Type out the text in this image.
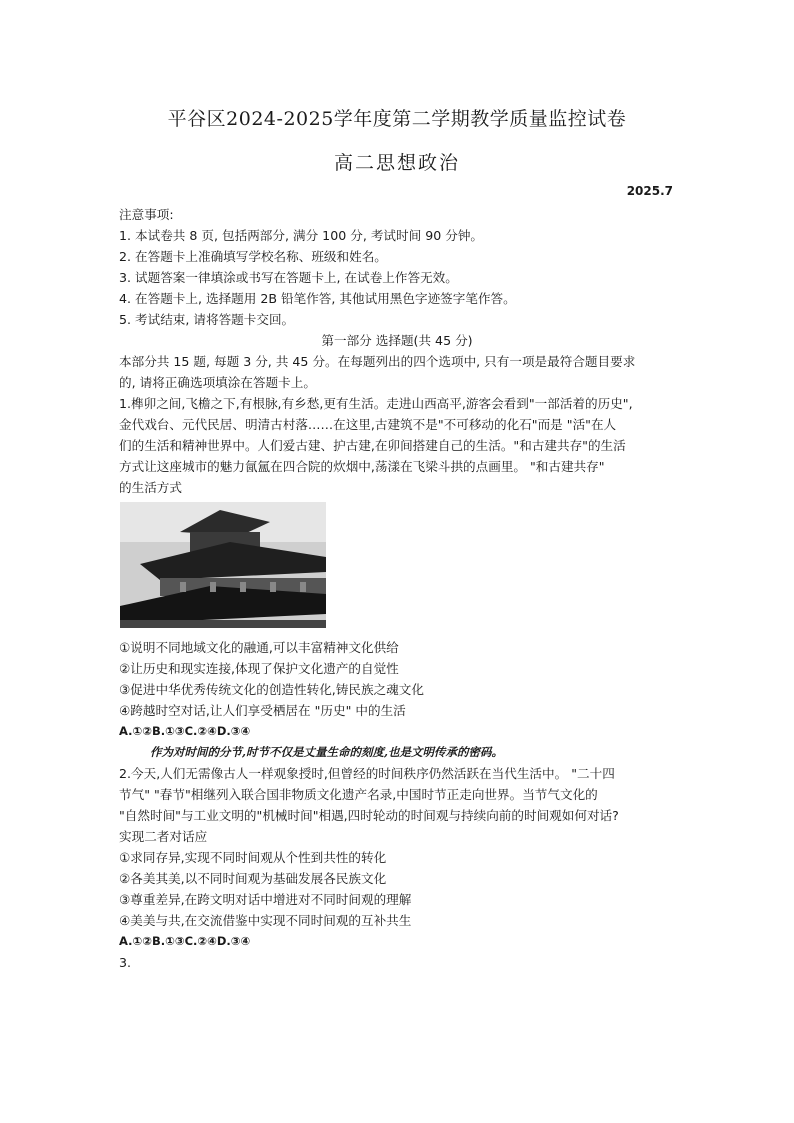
平谷区2024-2025学年度第二学期教学质量监控试卷
高二思想政治
2025.7
注意事项:
1. 本试卷共 8 页, 包括两部分, 满分 100 分, 考试时间 90 分钟。
2. 在答题卡上准确填写学校名称、班级和姓名。
3. 试题答案一律填涂或书写在答题卡上, 在试卷上作答无效。
4. 在答题卡上, 选择题用 2B 铅笔作答, 其他试用黑色字迹签字笔作答。
5. 考试结束, 请将答题卡交回。
第一部分 选择题(共 45 分)
本部分共 15 题, 每题 3 分, 共 45 分。在每题列出的四个选项中, 只有一项是最符合题目要求
的, 请将正确选项填涂在答题卡上。
1.榫卯之间,飞檐之下,有根脉,有乡愁,更有生活。走进山西高平,游客会看到"一部活着的历史",
金代戏台、元代民居、明清古村落……在这里,古建筑不是"不可移动的化石"而是 "活"在人
们的生活和精神世界中。人们爱古建、护古建,在卯间搭建自己的生活。"和古建共存"的生活
方式让这座城市的魅力氤氲在四合院的炊烟中,荡漾在飞梁斗拱的点画里。 "和古建共存"
的生活方式
①说明不同地域文化的融通,可以丰富精神文化供给
②让历史和现实连接,体现了保护文化遗产的自觉性
③促进中华优秀传统文化的创造性转化,铸民族之魂文化
④跨越时空对话,让人们享受栖居在 "历史" 中的生活
A.①②B.①③C.②④D.③④
作为对时间的分节,时节不仅是丈量生命的刻度,也是文明传承的密码。
2.今天,人们无需像古人一样观象授时,但曾经的时间秩序仍然活跃在当代生活中。 "二十四
节气" "春节"相继列入联合国非物质文化遗产名录,中国时节正走向世界。当节气文化的
"自然时间"与工业文明的"机械时间"相遇,四时轮动的时间观与持续向前的时间观如何对话?
实现二者对话应
①求同存异,实现不同时间观从个性到共性的转化
②各美其美,以不同时间观为基础发展各民族文化
③尊重差异,在跨文明对话中增进对不同时间观的理解
④美美与共,在交流借鉴中实现不同时间观的互补共生
A.①②B.①③C.②④D.③④
3.
